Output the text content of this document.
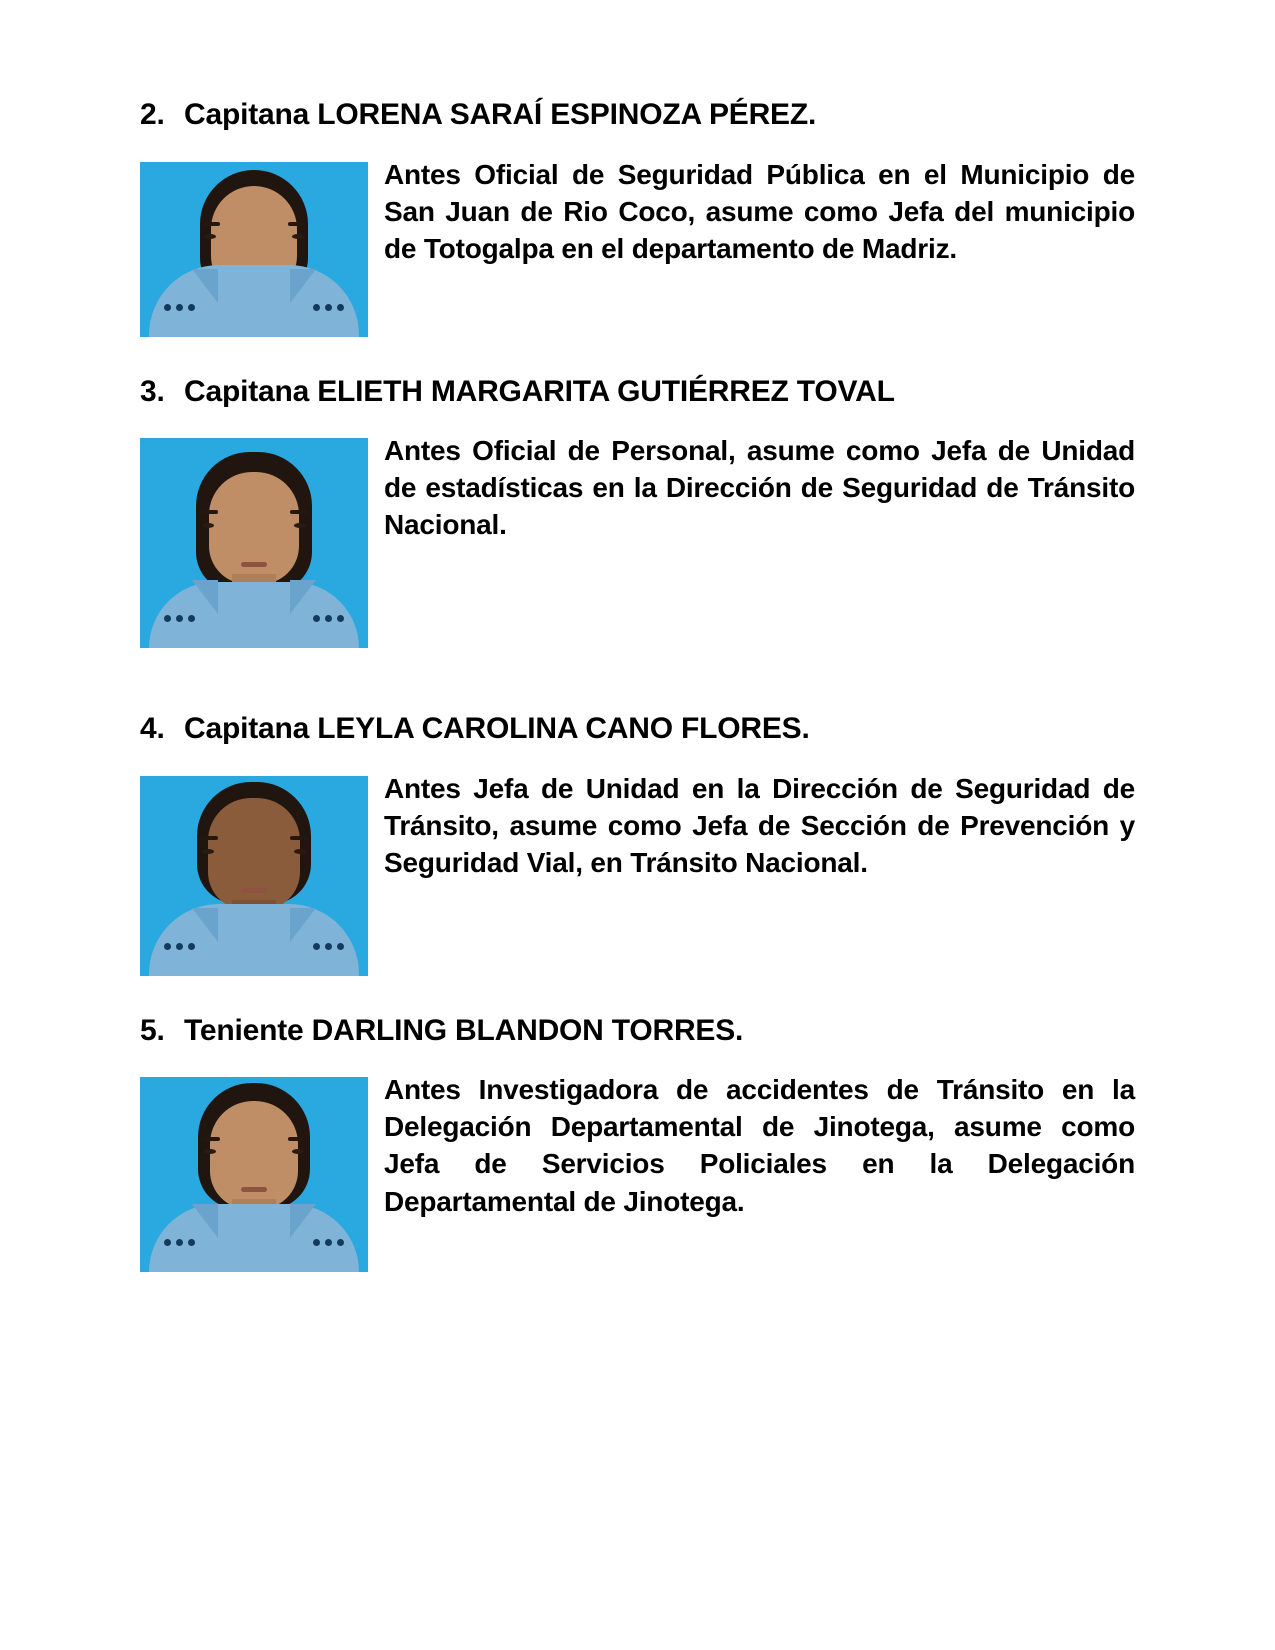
2. Capitana LORENA SARAÍ ESPINOZA PÉREZ.
Antes Oficial de Seguridad Pública en el Municipio de San Juan de Rio Coco, asume como Jefa del municipio de Totogalpa en el departamento de Madriz.
3. Capitana ELIETH MARGARITA GUTIÉRREZ TOVAL
Antes Oficial de Personal, asume como Jefa de Unidad de estadísticas en la Dirección de Seguridad de Tránsito Nacional.
4. Capitana LEYLA CAROLINA CANO FLORES.
Antes Jefa de Unidad en la Dirección de Seguridad de Tránsito, asume como Jefa de Sección de Prevención y Seguridad Vial, en Tránsito Nacional.
5. Teniente DARLING BLANDON TORRES.
Antes Investigadora de accidentes de Tránsito en la Delegación Departamental de Jinotega, asume como Jefa de Servicios Policiales en la Delegación Departamental de Jinotega.
